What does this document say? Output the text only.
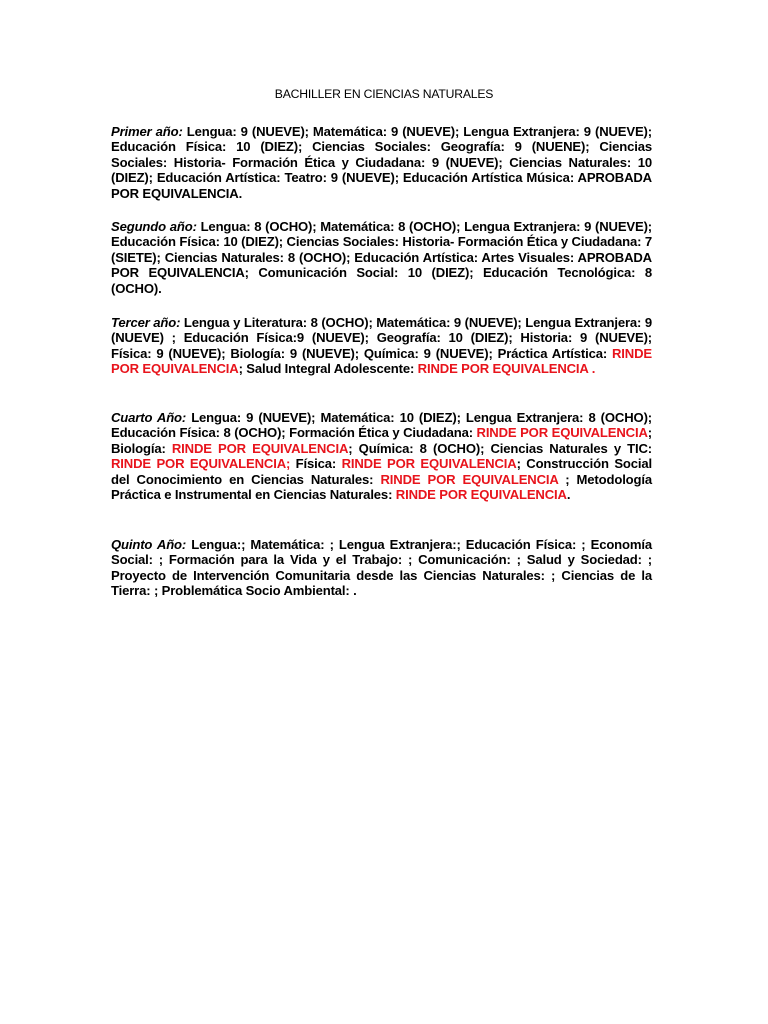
BACHILLER EN CIENCIAS NATURALES

Primer año: Lengua: 9 (NUEVE); Matemática: 9 (NUEVE); Lengua Extranjera: 9 (NUEVE); Educación Física: 10 (DIEZ); Ciencias Sociales: Geografía: 9 (NUENE); Ciencias Sociales: Historia- Formación Ética y Ciudadana: 9 (NUEVE); Ciencias Naturales: 10 (DIEZ); Educación Artística: Teatro: 9 (NUEVE); Educación Artística Música: APROBADA POR EQUIVALENCIA.

Segundo año: Lengua: 8 (OCHO); Matemática: 8 (OCHO); Lengua Extranjera: 9 (NUEVE); Educación Física: 10 (DIEZ); Ciencias Sociales: Historia- Formación Ética y Ciudadana: 7 (SIETE); Ciencias Naturales: 8 (OCHO); Educación Artística: Artes Visuales: APROBADA POR EQUIVALENCIA; Comunicación Social: 10 (DIEZ); Educación Tecnológica: 8 (OCHO).

Tercer año: Lengua y Literatura: 8 (OCHO); Matemática: 9 (NUEVE); Lengua Extranjera: 9 (NUEVE) ; Educación Física:9 (NUEVE); Geografía: 10 (DIEZ); Historia: 9 (NUEVE); Física: 9 (NUEVE); Biología: 9 (NUEVE); Química: 9 (NUEVE); Práctica Artística: RINDE POR EQUIVALENCIA; Salud Integral Adolescente: RINDE POR EQUIVALENCIA .

Cuarto Año: Lengua: 9 (NUEVE); Matemática: 10 (DIEZ); Lengua Extranjera: 8 (OCHO); Educación Física: 8 (OCHO); Formación Ética y Ciudadana: RINDE POR EQUIVALENCIA; Biología: RINDE POR EQUIVALENCIA; Química: 8 (OCHO); Ciencias Naturales y TIC: RINDE POR EQUIVALENCIA; Física: RINDE POR EQUIVALENCIA; Construcción Social del Conocimiento en Ciencias Naturales: RINDE POR EQUIVALENCIA ; Metodología Práctica e Instrumental en Ciencias Naturales: RINDE POR EQUIVALENCIA.

Quinto Año: Lengua:; Matemática: ; Lengua Extranjera:; Educación Física: ; Economía Social: ; Formación para la Vida y el Trabajo: ; Comunicación: ; Salud y Sociedad: ; Proyecto de Intervención Comunitaria desde las Ciencias Naturales: ; Ciencias de la Tierra: ; Problemática Socio Ambiental: .
